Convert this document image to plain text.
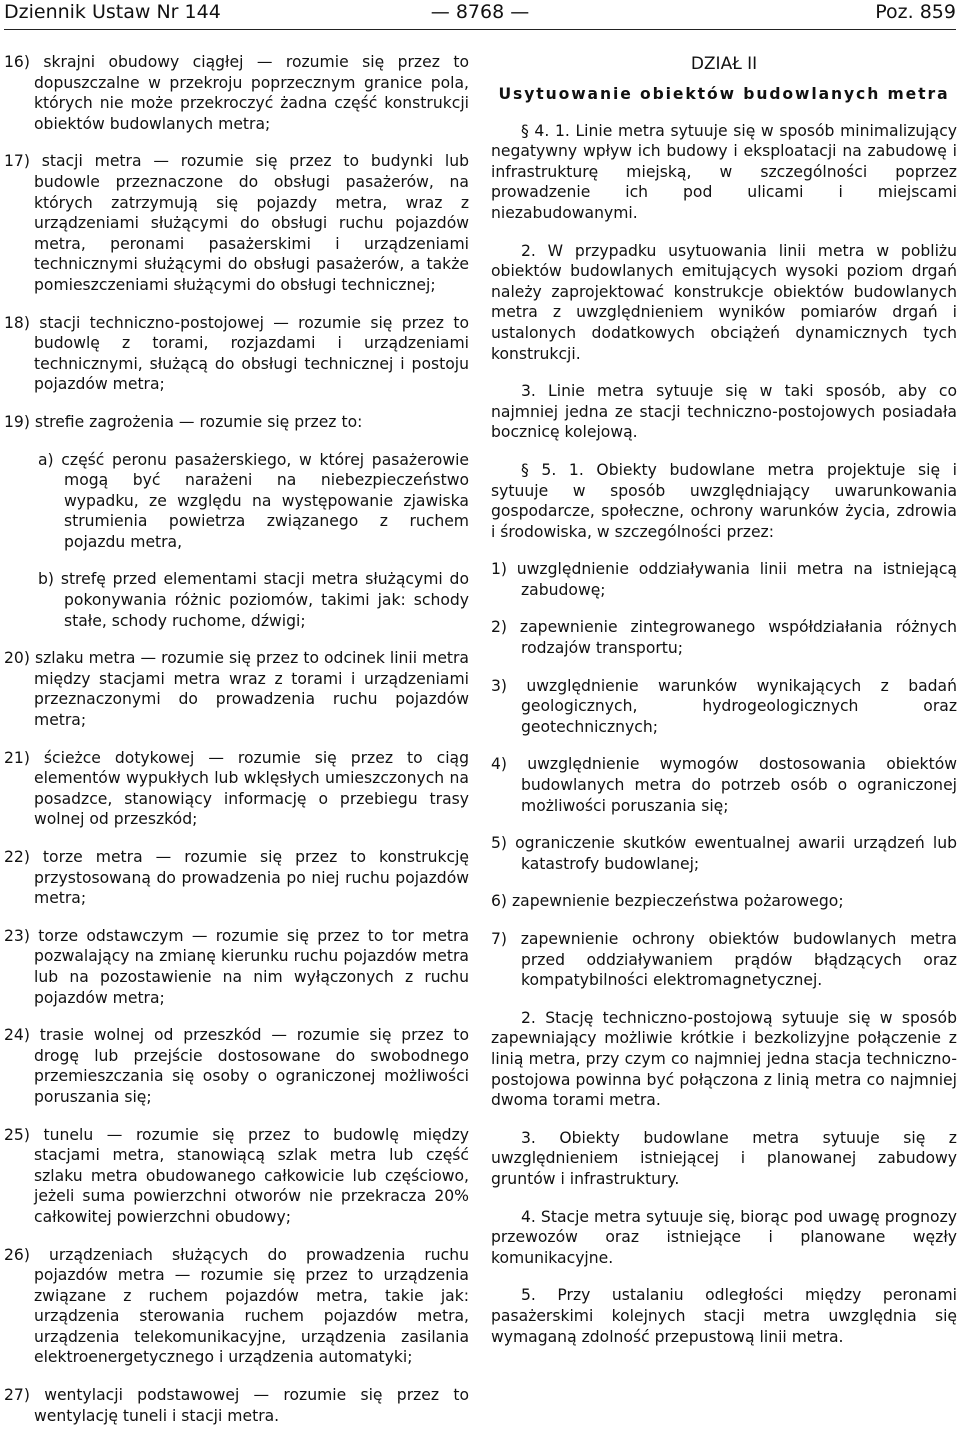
Dziennik Ustaw Nr 144	— 8768 —	Poz. 859

16) skrajni obudowy ciągłej — rozumie się przez to dopuszczalne w przekroju poprzecznym granice pola, których nie może przekroczyć żadna część konstrukcji obiektów budowlanych metra;

17) stacji metra — rozumie się przez to budynki lub budowle przeznaczone do obsługi pasażerów, na których zatrzymują się pojazdy metra, wraz z urządzeniami służącymi do obsługi ruchu pojazdów metra, peronami pasażerskimi i urządzeniami technicznymi służącymi do obsługi pasażerów, a także pomieszczeniami służącymi do obsługi technicznej;

18) stacji techniczno-postojowej — rozumie się przez to budowlę z torami, rozjazdami i urządzeniami technicznymi, służącą do obsługi technicznej i postoju pojazdów metra;

19) strefie zagrożenia — rozumie się przez to:

a) część peronu pasażerskiego, w której pasażerowie mogą być narażeni na niebezpieczeństwo wypadku, ze względu na występowanie zjawiska strumienia powietrza związanego z ruchem pojazdu metra,

b) strefę przed elementami stacji metra służącymi do pokonywania różnic poziomów, takimi jak: schody stałe, schody ruchome, dźwigi;

20) szlaku metra — rozumie się przez to odcinek linii metra między stacjami metra wraz z torami i urządzeniami przeznaczonymi do prowadzenia ruchu pojazdów metra;

21) ścieżce dotykowej — rozumie się przez to ciąg elementów wypukłych lub wklęsłych umieszczonych na posadzce, stanowiący informację o przebiegu trasy wolnej od przeszkód;

22) torze metra — rozumie się przez to konstrukcję przystosowaną do prowadzenia po niej ruchu pojazdów metra;

23) torze odstawczym — rozumie się przez to tor metra pozwalający na zmianę kierunku ruchu pojazdów metra lub na pozostawienie na nim wyłączonych z ruchu pojazdów metra;

24) trasie wolnej od przeszkód — rozumie się przez to drogę lub przejście dostosowane do swobodnego przemieszczania się osoby o ograniczonej możliwości poruszania się;

25) tunelu — rozumie się przez to budowlę między stacjami metra, stanowiącą szlak metra lub część szlaku metra obudowanego całkowicie lub częściowo, jeżeli suma powierzchni otworów nie przekracza 20% całkowitej powierzchni obudowy;

26) urządzeniach służących do prowadzenia ruchu pojazdów metra — rozumie się przez to urządzenia związane z ruchem pojazdów metra, takie jak: urządzenia sterowania ruchem pojazdów metra, urządzenia telekomunikacyjne, urządzenia zasilania elektroenergetycznego i urządzenia automatyki;

27) wentylacji podstawowej — rozumie się przez to wentylację tuneli i stacji metra.

DZIAŁ II
Usytuowanie obiektów budowlanych metra

§ 4. 1. Linie metra sytuuje się w sposób minimalizujący negatywny wpływ ich budowy i eksploatacji na zabudowę i infrastrukturę miejską, w szczególności poprzez prowadzenie ich pod ulicami i miejscami niezabudowanymi.

2. W przypadku usytuowania linii metra w pobliżu obiektów budowlanych emitujących wysoki poziom drgań należy zaprojektować konstrukcje obiektów budowlanych metra z uwzględnieniem wyników pomiarów drgań i ustalonych dodatkowych obciążeń dynamicznych tych konstrukcji.

3. Linie metra sytuuje się w taki sposób, aby co najmniej jedna ze stacji techniczno-postojowych posiadała bocznicę kolejową.

§ 5. 1. Obiekty budowlane metra projektuje się i sytuuje w sposób uwzględniający uwarunkowania gospodarcze, społeczne, ochrony warunków życia, zdrowia i środowiska, w szczególności przez:

1) uwzględnienie oddziaływania linii metra na istniejącą zabudowę;

2) zapewnienie zintegrowanego współdziałania różnych rodzajów transportu;

3) uwzględnienie warunków wynikających z badań geologicznych, hydrogeologicznych oraz geotechnicznych;

4) uwzględnienie wymogów dostosowania obiektów budowlanych metra do potrzeb osób o ograniczonej możliwości poruszania się;

5) ograniczenie skutków ewentualnej awarii urządzeń lub katastrofy budowlanej;

6) zapewnienie bezpieczeństwa pożarowego;

7) zapewnienie ochrony obiektów budowlanych metra przed oddziaływaniem prądów błądzących oraz kompatybilności elektromagnetycznej.

2. Stację techniczno-postojową sytuuje się w sposób zapewniający możliwie krótkie i bezkolizyjne połączenie z linią metra, przy czym co najmniej jedna stacja techniczno-postojowa powinna być połączona z linią metra co najmniej dwoma torami metra.

3. Obiekty budowlane metra sytuuje się z uwzględnieniem istniejącej i planowanej zabudowy gruntów i infrastruktury.

4. Stacje metra sytuuje się, biorąc pod uwagę prognozy przewozów oraz istniejące i planowane węzły komunikacyjne.

5. Przy ustalaniu odległości między peronami pasażerskimi kolejnych stacji metra uwzględnia się wymaganą zdolność przepustową linii metra.
